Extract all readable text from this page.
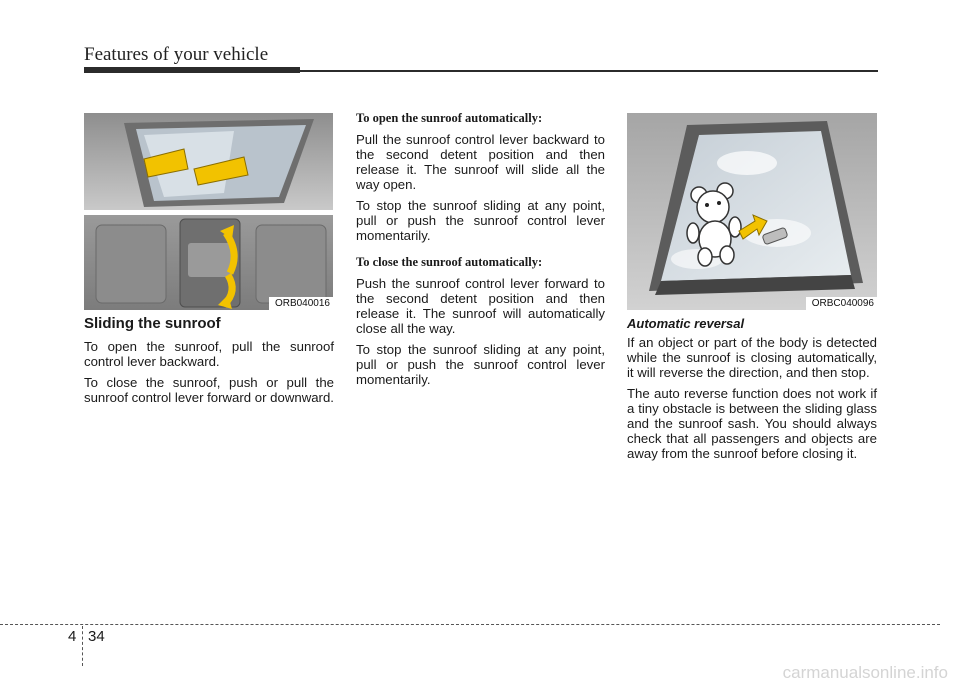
Features of your vehicle
ORB040016	ORBC040096
Sliding the sunroof

To open the sunroof, pull the sunroof control lever backward.

To close the sunroof, push or pull the sunroof control lever forward or downward.

To open the sunroof automatically:

Pull the sunroof control lever backward to the second detent position and then release it. The sunroof will slide all the way open.

To stop the sunroof sliding at any point, pull or push the sunroof control lever momentarily.

To close the sunroof automatically:

Push the sunroof control lever forward to the second detent position and then release it. The sunroof will automatically close all the way.

To stop the sunroof sliding at any point, pull or push the sunroof control lever momentarily.

Automatic reversal

If an object or part of the body is detected while the sunroof is closing automatically, it will reverse the direction, and then stop.

The auto reverse function does not work if a tiny obstacle is between the sliding glass and the sunroof sash. You should always check that all passengers and objects are away from the sunroof before closing it.

4 34
carmanualsonline.info
